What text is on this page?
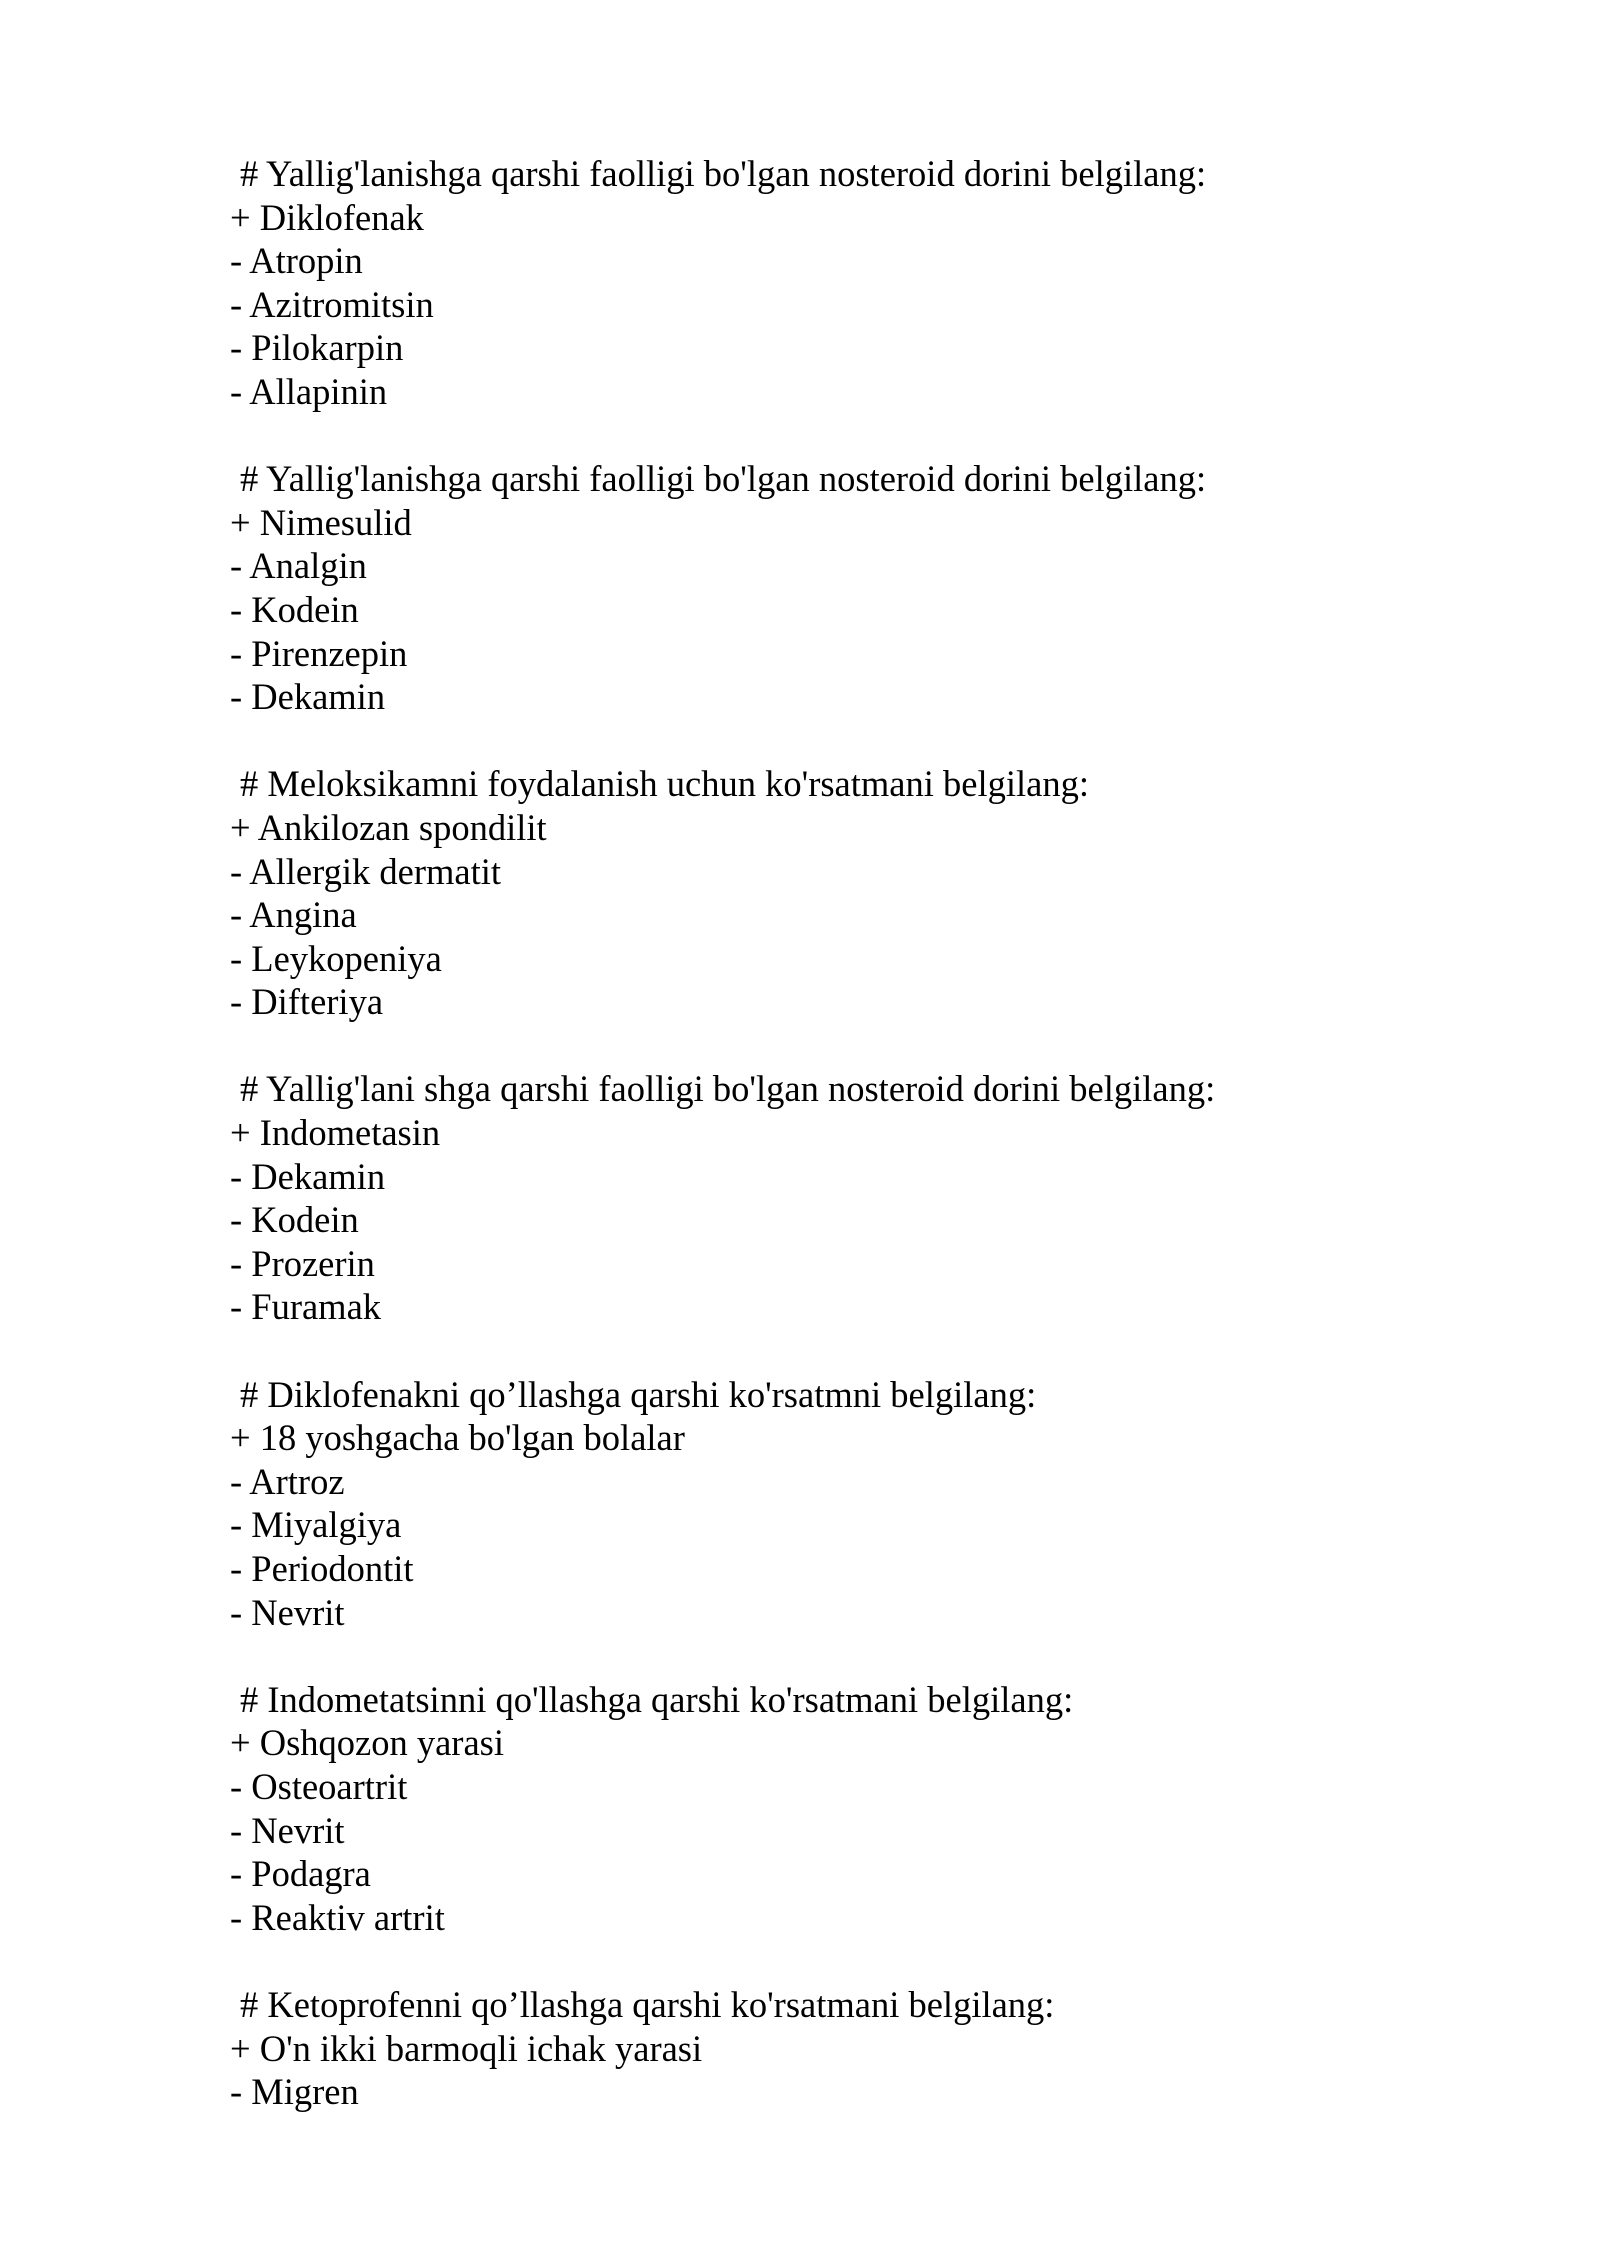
# Yallig'lanishga qarshi faolligi bo'lgan nosteroid dorini belgilang:
+ Diklofenak
- Atropin
- Azitromitsin
- Pilokarpin
- Allapinin
# Yallig'lanishga qarshi faolligi bo'lgan nosteroid dorini belgilang:
+ Nimesulid
- Analgin
- Kodein
- Pirenzepin
- Dekamin
# Meloksikamni foydalanish uchun ko'rsatmani belgilang:
+ Ankilozan spondilit
- Allergik dermatit
- Angina
- Leykopeniya
- Difteriya
# Yallig'lani shga qarshi faolligi bo'lgan nosteroid dorini belgilang:
+ Indometasin
- Dekamin
- Kodein
- Prozerin
- Furamak
# Diklofenakni qo’llashga qarshi ko'rsatmni belgilang:
+ 18 yoshgacha bo'lgan bolalar
- Artroz
- Miyalgiya
- Periodontit
- Nevrit
# Indometatsinni qo'llashga qarshi ko'rsatmani belgilang:
+ Oshqozon yarasi
- Osteoartrit
- Nevrit
- Podagra
- Reaktiv artrit
# Ketoprofenni qo’llashga qarshi ko'rsatmani belgilang:
+ O'n ikki barmoqli ichak yarasi
- Migren
